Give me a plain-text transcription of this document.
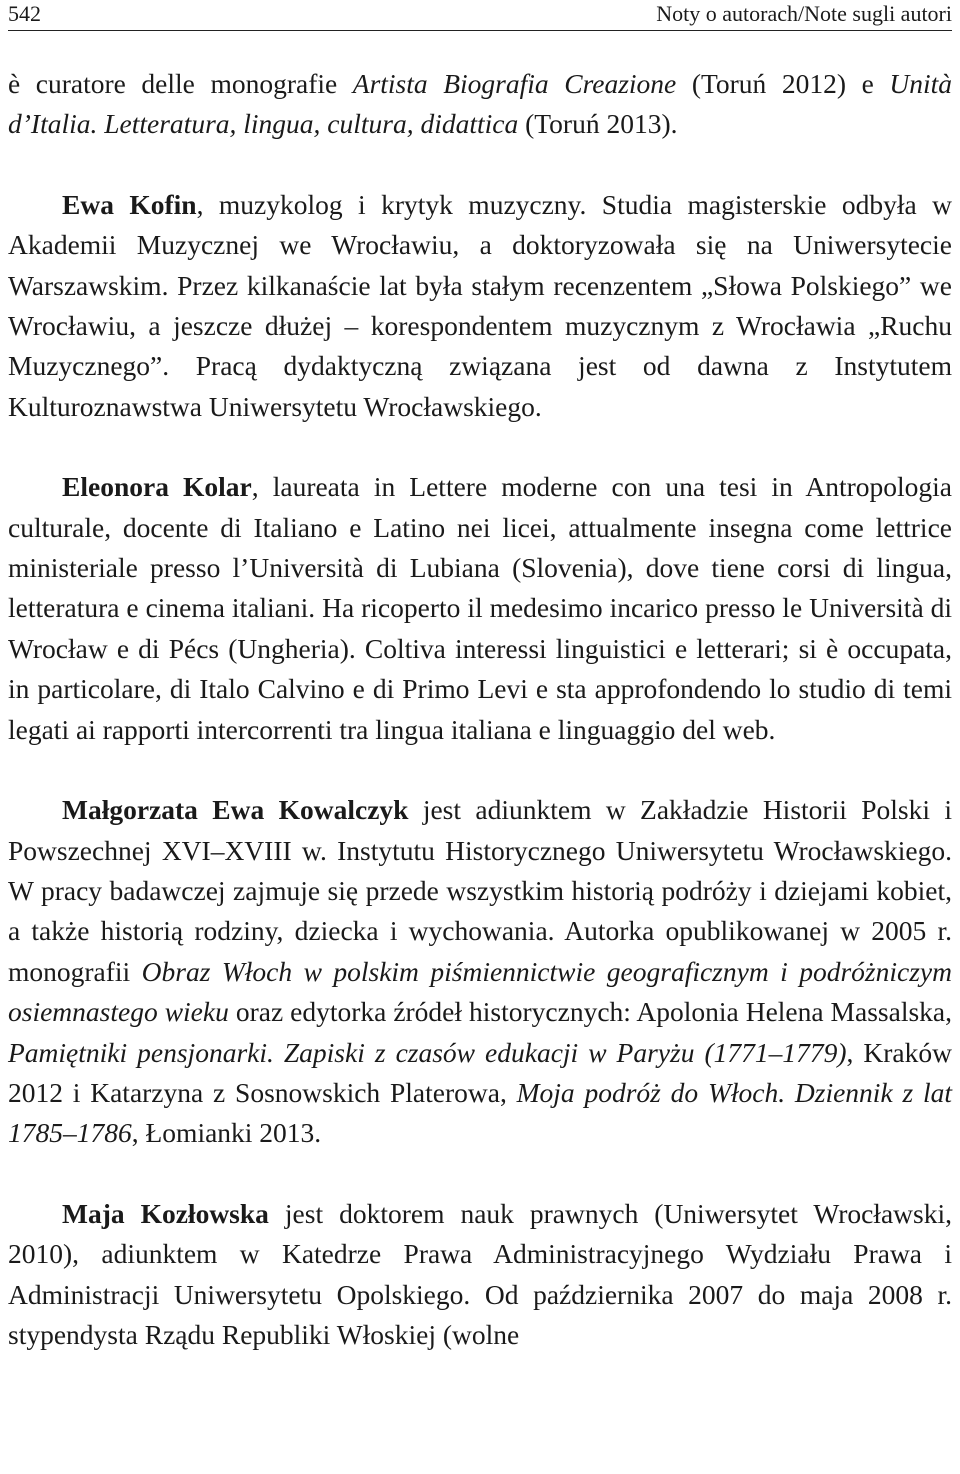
542	Noty o autorach/Note sugli autori

è curatore delle monografie Artista Biografia Creazione (Toruń 2012) e Unità d’Italia. Letteratura, lingua, cultura, didattica (Toruń 2013).

Ewa Kofin, muzykolog i krytyk muzyczny. Studia magisterskie odbyła w Akademii Muzycznej we Wrocławiu, a doktoryzowała się na Uniwersytecie Warszawskim. Przez kilkanaście lat była stałym recenzentem „Słowa Polskiego” we Wrocławiu, a jeszcze dłużej – korespondentem muzycznym z Wrocławia „Ruchu Muzycznego”. Pracą dydaktyczną związana jest od dawna z Instytutem Kulturoznawstwa Uniwersytetu Wrocławskiego.

Eleonora Kolar, laureata in Lettere moderne con una tesi in Antropologia culturale, docente di Italiano e Latino nei licei, attualmente insegna come lettrice ministeriale presso l’Università di Lubiana (Slovenia), dove tiene corsi di lingua, letteratura e cinema italiani. Ha ricoperto il medesimo incarico presso le Università di Wrocław e di Pécs (Ungheria). Coltiva interessi linguistici e letterari; si è occupata, in particolare, di Italo Calvino e di Primo Levi e sta approfondendo lo studio di temi legati ai rapporti intercorrenti tra lingua italiana e linguaggio del web.

Małgorzata Ewa Kowalczyk jest adiunktem w Zakładzie Historii Polski i Powszechnej XVI–XVIII w. Instytutu Historycznego Uniwersytetu Wrocławskiego. W pracy badawczej zajmuje się przede wszystkim historią podróży i dziejami kobiet, a także historią rodziny, dziecka i wychowania. Autorka opublikowanej w 2005 r. monografii Obraz Włoch w polskim piśmiennictwie geograficznym i podróżniczym osiemnastego wieku oraz edytorka źródeł historycznych: Apolonia Helena Massalska, Pamiętniki pensjonarki. Zapiski z czasów edukacji w Paryżu (1771–1779), Kraków 2012 i Katarzyna z Sosnowskich Platerowa, Moja podróż do Włoch. Dziennik z lat 1785–1786, Łomianki 2013.

Maja Kozłowska jest doktorem nauk prawnych (Uniwersytet Wrocławski, 2010), adiunktem w Katedrze Prawa Administracyjnego Wydziału Prawa i Administracji Uniwersytetu Opolskiego. Od października 2007 do maja 2008 r. stypendysta Rządu Republiki Włoskiej (wolne
